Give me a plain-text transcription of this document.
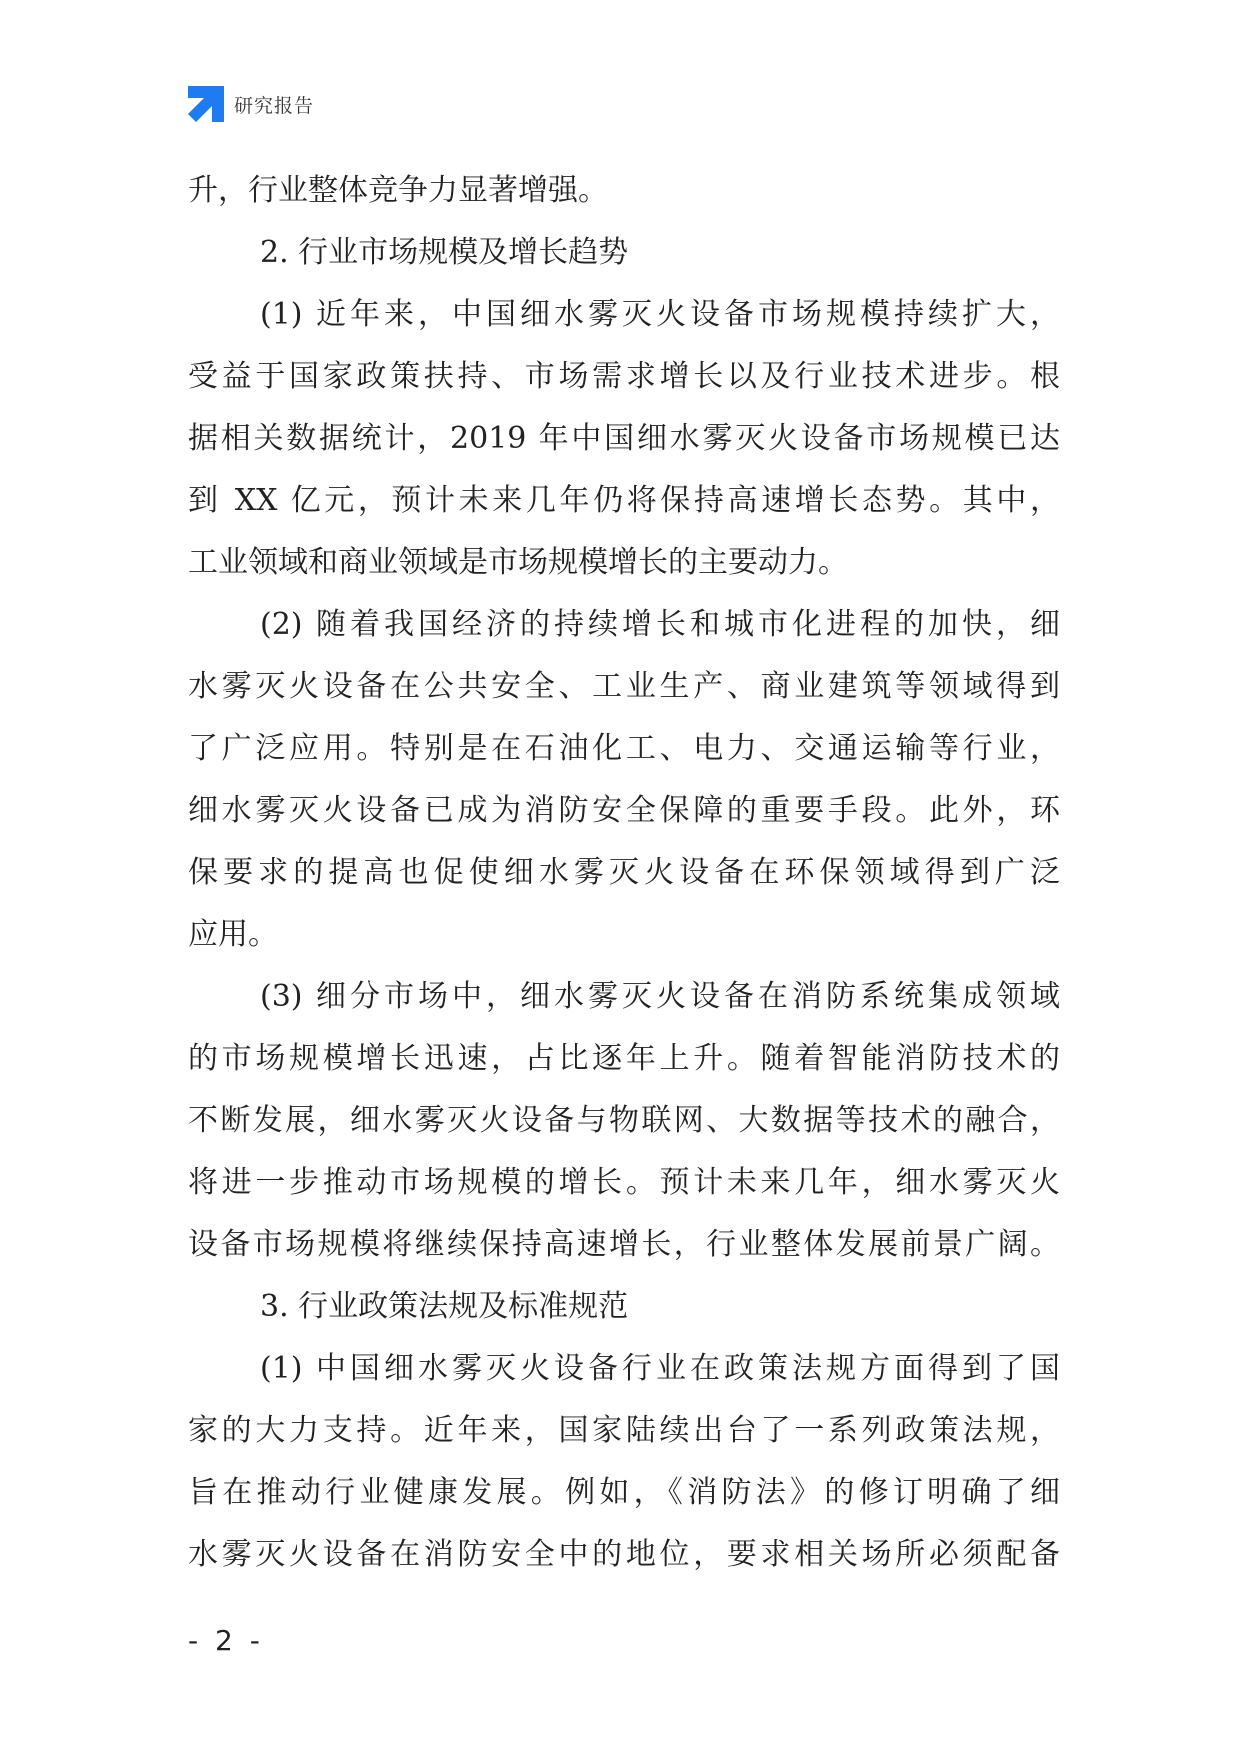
研究报告
升，行业整体竞争力显著增强。
2. 行业市场规模及增长趋势
(1) 近年来，中国细水雾灭火设备市场规模持续扩大，
受益于国家政策扶持、市场需求增长以及行业技术进步。根
据相关数据统计，2019 年中国细水雾灭火设备市场规模已达
到 XX 亿元，预计未来几年仍将保持高速增长态势。其中，
工业领域和商业领域是市场规模增长的主要动力。
(2) 随着我国经济的持续增长和城市化进程的加快，细
水雾灭火设备在公共安全、工业生产、商业建筑等领域得到
了广泛应用。特别是在石油化工、电力、交通运输等行业，
细水雾灭火设备已成为消防安全保障的重要手段。此外，环
保要求的提高也促使细水雾灭火设备在环保领域得到广泛
应用。
(3) 细分市场中，细水雾灭火设备在消防系统集成领域
的市场规模增长迅速，占比逐年上升。随着智能消防技术的
不断发展，细水雾灭火设备与物联网、大数据等技术的融合，
将进一步推动市场规模的增长。预计未来几年，细水雾灭火
设备市场规模将继续保持高速增长，行业整体发展前景广阔。
3. 行业政策法规及标准规范
(1) 中国细水雾灭火设备行业在政策法规方面得到了国
家的大力支持。近年来，国家陆续出台了一系列政策法规，
旨在推动行业健康发展。例如，《消防法》的修订明确了细
水雾灭火设备在消防安全中的地位，要求相关场所必须配备
- 2 -
